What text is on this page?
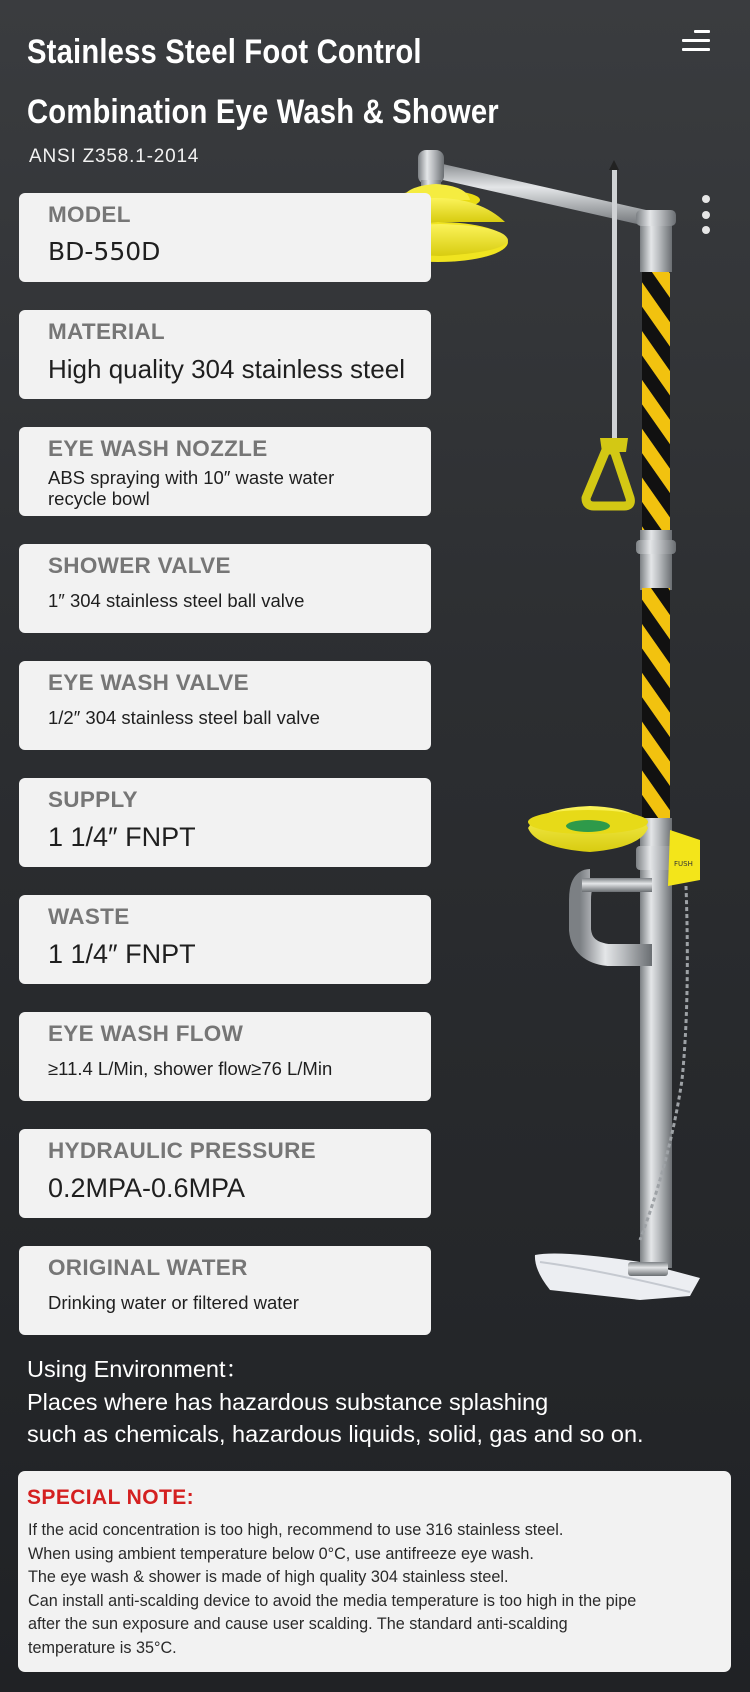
Stainless Steel Foot Control
Combination Eye Wash & Shower
ANSI Z358.1-2014
FUSH
MODEL
BD-550D
MATERIAL
High quality 304 stainless steel
EYE WASH NOZZLE
ABS spraying with 10″ waste water recycle bowl
SHOWER VALVE
1″ 304 stainless steel ball valve
EYE WASH VALVE
1/2″ 304 stainless steel ball valve
SUPPLY
1 1/4″ FNPT
WASTE
1 1/4″ FNPT
EYE WASH FLOW
≥11.4 L/Min, shower flow≥76 L/Min
HYDRAULIC PRESSURE
0.2MPA-0.6MPA
ORIGINAL WATER
Drinking water or filtered water
Using Environment：
Places where has hazardous substance splashing
such as chemicals, hazardous liquids, solid, gas and so on.
SPECIAL NOTE:
If the acid concentration is too high, recommend to use 316 stainless steel.
When using ambient temperature below 0°C, use antifreeze eye wash.
The eye wash & shower is made of high quality 304 stainless steel.
Can install anti-scalding device to avoid the media temperature is too high in the pipe
after the sun exposure and cause user scalding. The standard anti-scalding
temperature is 35°C.
